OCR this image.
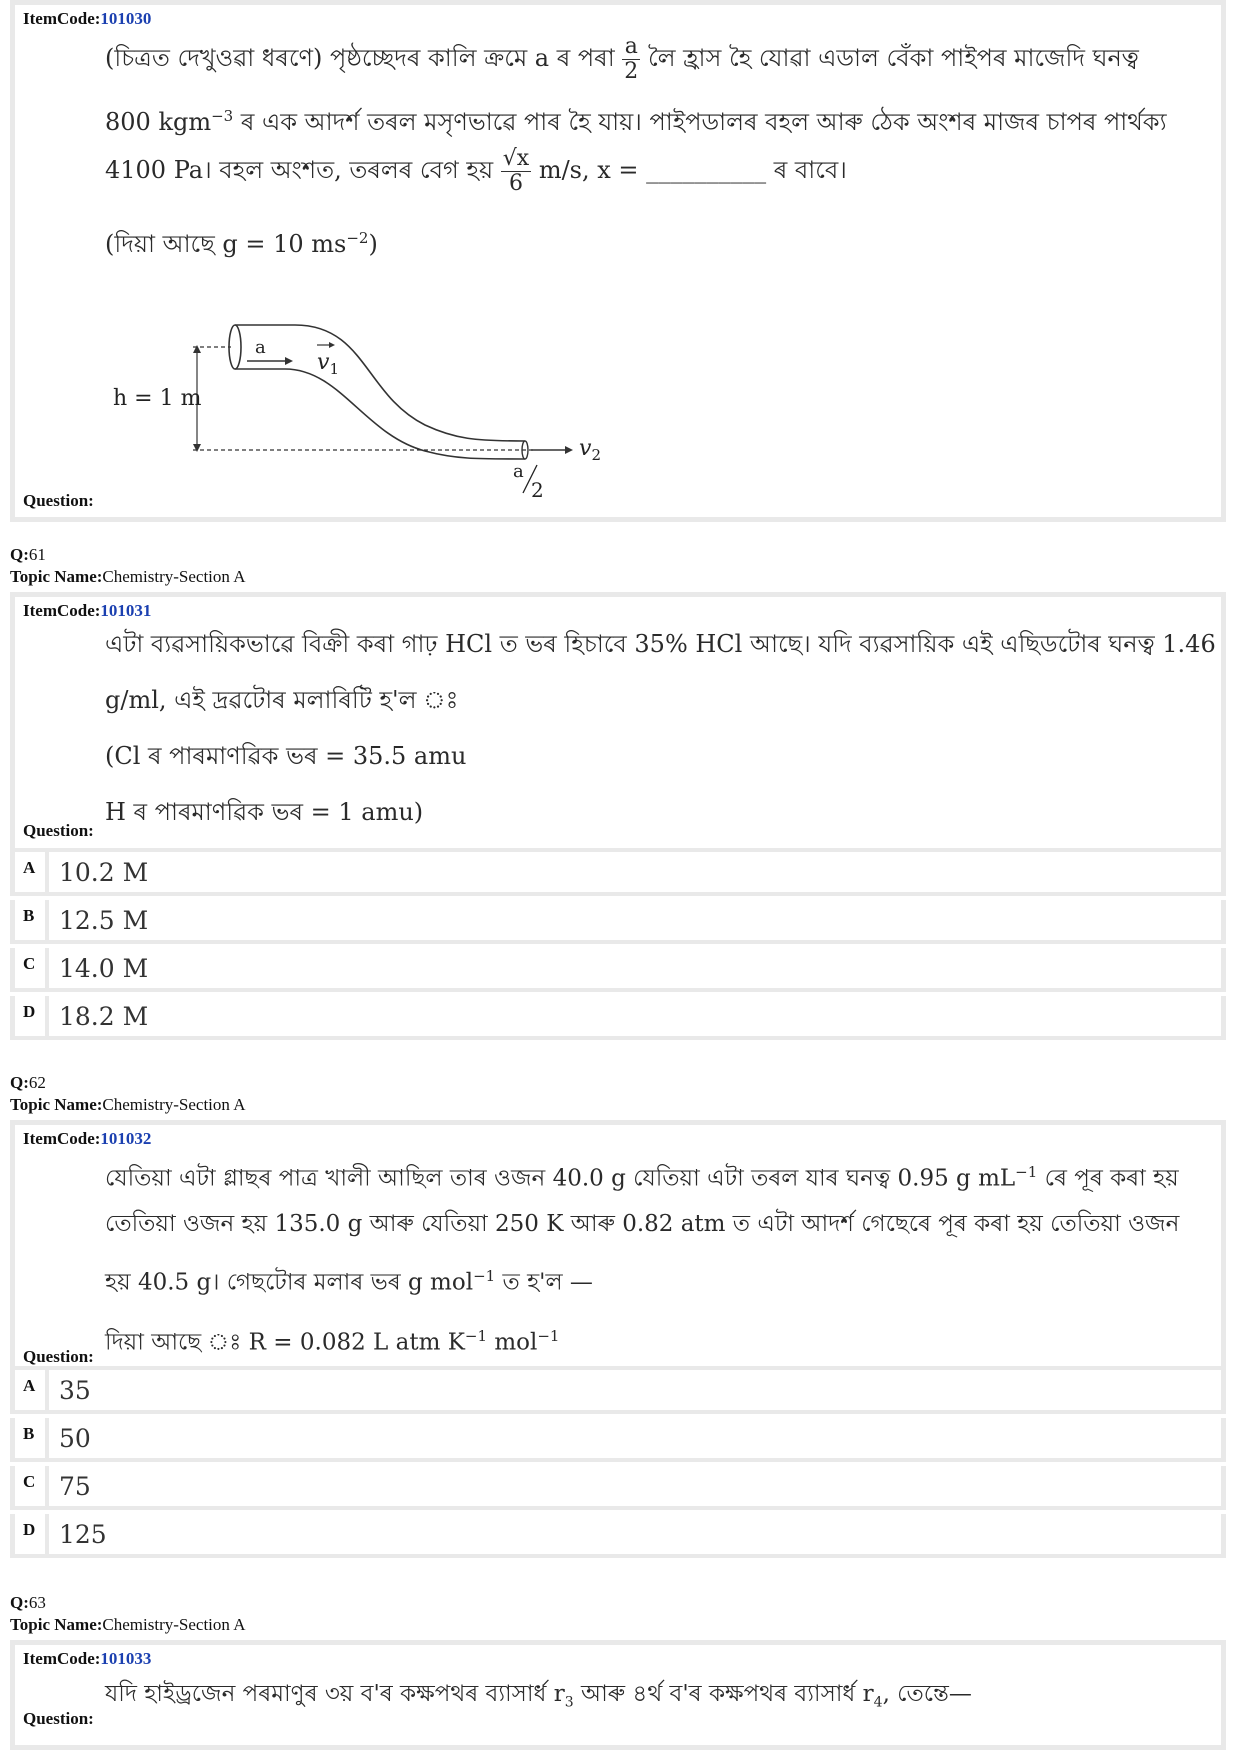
ItemCode:101030
(চিত্ৰত দেখুওৱা ধৰণে) পৃষ্ঠচ্ছেদৰ কালি ক্ৰমে a ৰ পৰা $\frac{a}{2}$ লৈ হ্ৰাস হৈ যোৱা এডাল বেঁকা পাইপৰ মাজেদি ঘনত্ব
800 kgm$^{-3}$ ৰ এক আদৰ্শ তৰল মসৃণভাৱে পাৰ হৈ যায়। পাইপডালৰ বহল আৰু ঠেক অংশৰ মাজৰ চাপৰ পাৰ্থক্য
4100 Pa। বহল অংশত, তৰলৰ বেগ হয় $\frac{√x}{6} m/s$, x = __________ ৰ বাবে।
(দিয়া আছে g = 10 $ms^{-2}$)
h = 1 m
a
$v_1$
$v_2$
a
2
Question:
Q:61
Topic Name:Chemistry-Section A
ItemCode:101031
এটা ব্যৱসায়িকভাৱে বিক্ৰী কৰা গাঢ় HCl ত ভৰ হিচাবে 35% HCl আছে। যদি ব্যৱসায়িক এই এছিডটোৰ ঘনত্ব 1.46
g/ml, এই দ্ৰৱটোৰ মলাৰিটি হ'ল ঃ
(Cl ৰ পাৰমাণৱিক ভৰ = 35.5 amu
H ৰ পাৰমাণৱিক ভৰ = 1 amu)
Question:
A 10.2 M
B 12.5 M
C 14.0 M
D 18.2 M
Q:62
Topic Name:Chemistry-Section A
ItemCode:101032
যেতিয়া এটা গ্লাছৰ পাত্ৰ খালী আছিল তাৰ ওজন 40.0 g যেতিয়া এটা তৰল যাৰ ঘনত্ব 0.95 g $mL^{-1}$ ৰে পূৰ কৰা হয়
তেতিয়া ওজন হয় 135.0 g আৰু যেতিয়া 250 K আৰু 0.82 atm ত এটা আদৰ্শ গেছেৰে পূৰ কৰা হয় তেতিয়া ওজন
হয় 40.5 g। গেছটোৰ মলাৰ ভৰ g mol$^{-1}$ ত হ'ল —
দিয়া আছে ঃ R = 0.082 L atm $K^{-1}$ mol$^{-1}$
Question:
A 35
B 50
C 75
D 125
Q:63
Topic Name:Chemistry-Section A
ItemCode:101033
যদি হাইড্ৰজেন পৰমাণুৰ ৩য় ব'ৰ কক্ষপথৰ ব্যাসাৰ্ধ $r_3$ আৰু ৪ৰ্থ ব'ৰ কক্ষপথৰ ব্যাসাৰ্ধ $r_4$, তেন্তে—
Question:
